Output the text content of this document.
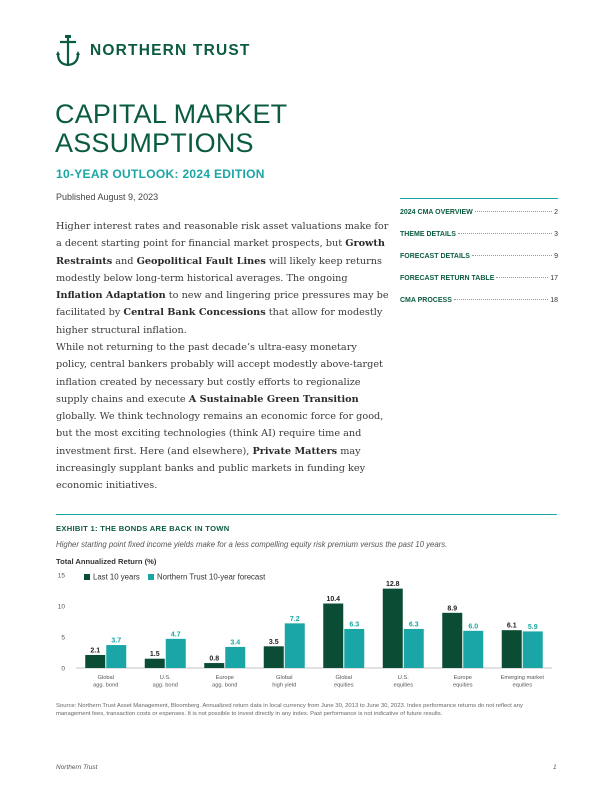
NORTHERN TRUST
CAPITAL MARKET
ASSUMPTIONS
10-YEAR OUTLOOK: 2024 EDITION
Published August 9, 2023

Higher interest rates and reasonable risk asset valuations make for a decent starting point for financial market prospects, but Growth Restraints and Geopolitical Fault Lines will likely keep returns modestly below long-term historical averages. The ongoing Inflation Adaptation to new and lingering price pressures may be facilitated by Central Bank Concessions that allow for modestly higher structural inflation.

While not returning to the past decade’s ultra-easy monetary policy, central bankers probably will accept modestly above-target inflation created by necessary but costly efforts to regionalize supply chains and execute A Sustainable Green Transition globally. We think technology remains an economic force for good, but the most exciting technologies (think AI) require time and investment first. Here (and elsewhere), Private Matters may increasingly supplant banks and public markets in funding key economic initiatives.

2024 CMA OVERVIEW	2
THEME DETAILS	3
FORECAST DETAILS	9
FORECAST RETURN TABLE	17
CMA PROCESS	18
EXHIBIT 1: THE BONDS ARE BACK IN TOWN
Higher starting point fixed income yields make for a less compelling equity risk premium versus the past 10 years.
Total Annualized Return (%)
15
10
5
0
2.1
3.7
Global
agg. bond
1.5
4.7
U.S.
agg. bond
0.8
3.4
Europe
agg. bond
3.5
7.2
Global
high yield
10.4
6.3
Global
equities
12.8
6.3
U.S.
equities
8.9
6.0
Europe
equities
6.1 5.9
Emerging market
equities
Last 10 years Northern Trust 10-year forecast
Source: Northern Trust Asset Management, Bloomberg. Annualized return data in local currency from June 30, 2013 to June 30, 2023. Index performance returns do not reflect any management fees, transaction costs or expenses. It is not possible to invest directly in any index. Past performance is not indicative of future results.
Northern Trust	1
